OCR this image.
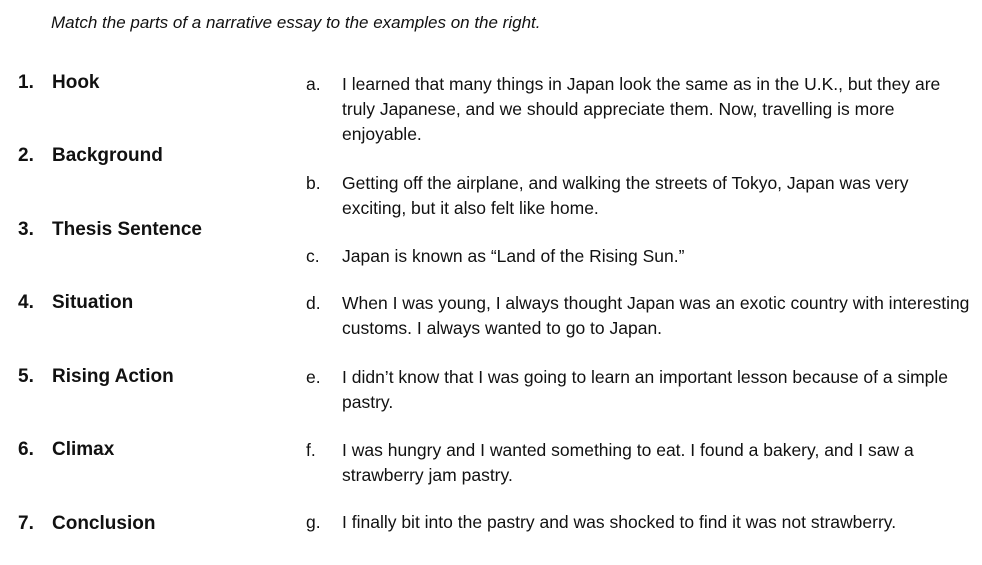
Match the parts of a narrative essay to the examples on the right.
1. Hook
2. Background
3. Thesis Sentence
4. Situation
5. Rising Action
6. Climax
7. Conclusion
a.	I learned that many things in Japan look the same as in the U.K., but they are truly Japanese, and we should appreciate them. Now, travelling is more enjoyable.
b.	Getting off the airplane, and walking the streets of Tokyo, Japan was very exciting, but it also felt like home.
c.	Japan is known as “Land of the Rising Sun.”
d.	When I was young, I always thought Japan was an exotic country with interesting customs. I always wanted to go to Japan.
e.	I didn’t know that I was going to learn an important lesson because of a simple pastry.
f.	I was hungry and I wanted something to eat. I found a bakery, and I saw a strawberry jam pastry.
g.	I finally bit into the pastry and was shocked to find it was not strawberry.
